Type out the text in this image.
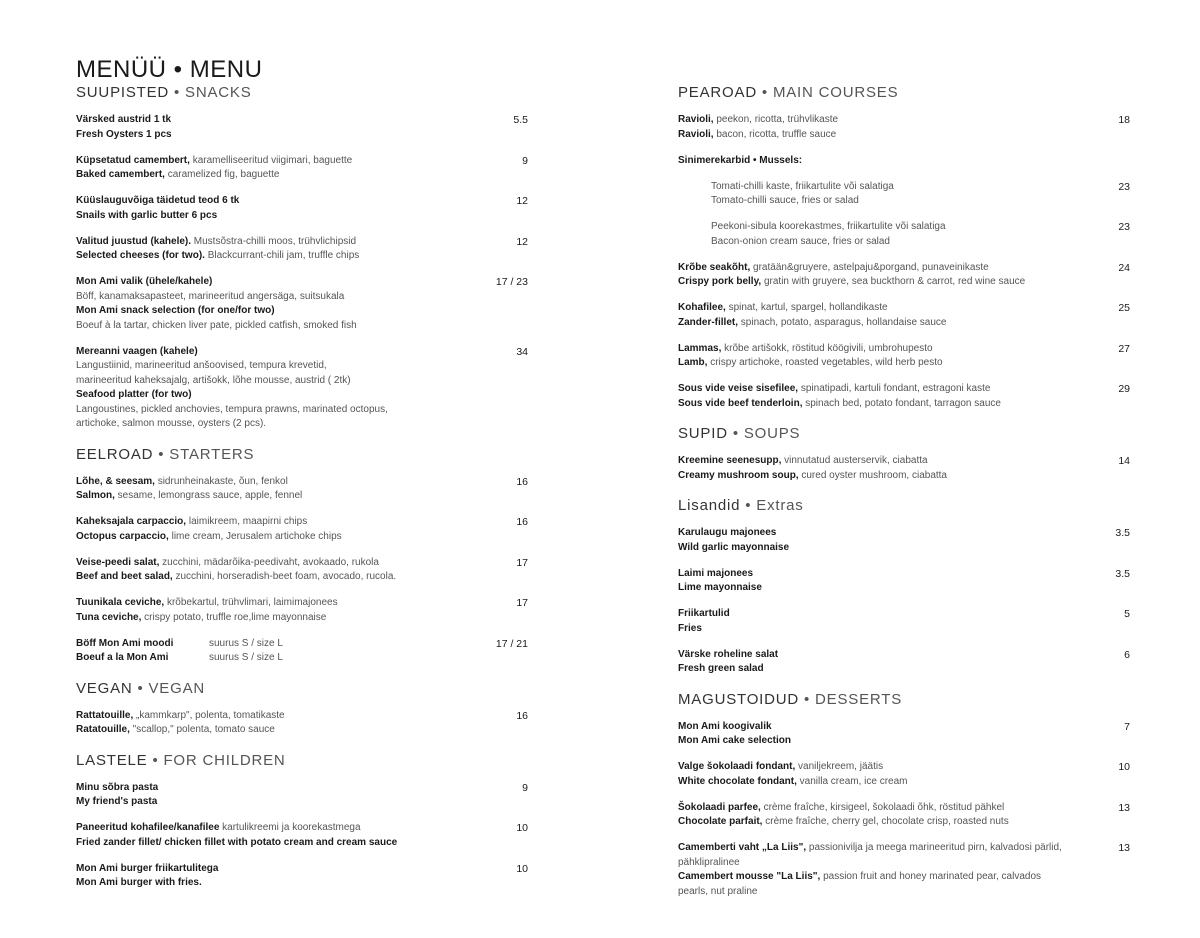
MENÜÜ • MENU
SUUPISTED • SNACKS
Värsked austrid 1 tk
Fresh Oysters 1 pcs
5.5
Küpsetatud camembert, karamelliseeritud viigimari, baguette
Baked camembert, caramelized fig, baguette
9
Küüslauguvõiga täidetud teod 6 tk
Snails with garlic butter 6 pcs
12
Valitud juustud (kahele). Mustsõstra-chilli moos, trühvlichipsid
Selected cheeses (for two). Blackcurrant-chili jam, truffle chips
12
Mon Ami valik (ühele/kahele)
Böff, kanamaksapasteet, marineeritud angersäga, suitsukala
Mon Ami snack selection (for one/for two)
Boeuf à la tartar, chicken liver pate, pickled catfish, smoked fish
17 / 23
Mereanni vaagen (kahele)
Langustiinid, marineeritud anšoovised, tempura krevetid,
marineeritud kaheksajalg, artišokk, lõhe mousse, austrid ( 2tk)
Seafood platter (for two)
Langoustines, pickled anchovies, tempura prawns, marinated octopus,
artichoke, salmon mousse, oysters (2 pcs).
34
EELROAD • STARTERS
Lõhe, & seesam, sidrunheinakaste, õun, fenkol
Salmon, sesame, lemongrass sauce, apple, fennel
16
Kaheksajala carpaccio, laimikreem, maapirni chips
Octopus carpaccio, lime cream, Jerusalem artichoke chips
16
Veise-peedi salat, zucchini, mädarõika-peedivaht, avokaado, rukola
Beef and beet salad, zucchini, horseradish-beet foam, avocado, rucola.
17
Tuunikala ceviche, krõbekartul, trühvlimari, laimimajonees
Tuna ceviche, crispy potato, truffle roe,lime mayonnaise
17
Böff Mon Ami moodi	suurus S / size L
Boeuf a la Mon Ami	suurus S / size L
17 / 21
VEGAN • VEGAN
Rattatouille, „kammkarp", polenta, tomatikaste
Ratatouille, "scallop," polenta, tomato sauce
16
LASTELE • FOR CHILDREN
Minu sõbra pasta
My friend's pasta
9
Paneeritud kohafilee/kanafilee kartulikreemi ja koorekastmega
Fried zander fillet/ chicken fillet with potato cream and cream sauce
10
Mon Ami burger friikartulitega
Mon Ami burger with fries.
10
PEAROAD • MAIN COURSES
Ravioli, peekon, ricotta, trühvlikaste
Ravioli, bacon, ricotta, truffle sauce
18
Sinimerekarbid • Mussels:
Tomati-chilli kaste, friikartulite või salatiga
Tomato-chilli sauce, fries or salad
23
Peekoni-sibula koorekastmes, friikartulite või salatiga
Bacon-onion cream sauce, fries or salad
23
Krõbe seakõht, gratään&gruyere, astelpaju&porgand, punaveinikaste
Crispy pork belly, gratin with gruyere, sea buckthorn & carrot, red wine sauce
24
Kohafilee, spinat, kartul, spargel, hollandikaste
Zander-fillet, spinach, potato, asparagus, hollandaise sauce
25
Lammas, krõbe artišokk, röstitud köögivili, umbrohupesto
Lamb, crispy artichoke, roasted vegetables, wild herb pesto
27
Sous vide veise sisefilee, spinatipadi, kartuli fondant, estragoni kaste
Sous vide beef tenderloin, spinach bed, potato fondant, tarragon sauce
29
SUPID • SOUPS
Kreemine seenesupp, vinnutatud austerservik, ciabatta
Creamy mushroom soup, cured oyster mushroom, ciabatta
14
Lisandid • Extras
Karulaugu majonees
Wild garlic mayonnaise
3.5
Laimi majonees
Lime mayonnaise
3.5
Friikartulid
Fries
5
Värske roheline salat
Fresh green salad
6
MAGUSTOIDUD • DESSERTS
Mon Ami koogivalik
Mon Ami cake selection
7
Valge šokolaadi fondant, vaniljekreem, jäätis
White chocolate fondant, vanilla cream, ice cream
10
Šokolaadi parfee, crème fraîche, kirsigeel, šokolaadi õhk, röstitud pähkel
Chocolate parfait, crème fraîche, cherry gel, chocolate crisp, roasted nuts
13
Camemberti vaht „La Liis", passionivilja ja meega marineeritud pirn, kalvadosi pärlid, pähklipralinee
Camembert mousse "La Liis", passion fruit and honey marinated pear, calvados pearls, nut praline
13
